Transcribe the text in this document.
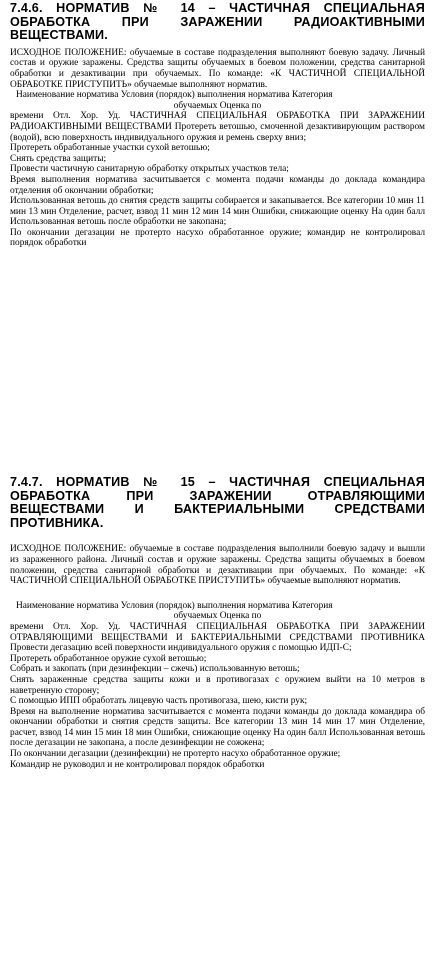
7.4.6. НОРМАТИВ № 14 – ЧАСТИЧНАЯ СПЕЦИАЛЬНАЯ
ОБРАБОТКА ПРИ ЗАРАЖЕНИИ РАДИОАКТИВНЫМИ
ВЕЩЕСТВАМИ.

ИСХОДНОЕ ПОЛОЖЕНИЕ: обучаемые в составе подразделения выполняют боевую задачу. Личный состав и оружие заражены. Средства защиты обучаемых в боевом положении, средства санитарной обработки и дезактивации при обучаемых. По команде: «К ЧАСТИЧНОЙ СПЕЦИАЛЬНОЙ ОБРАБОТКЕ ПРИСТУПИТЬ» обучаемые выполняют норматив.

Наименование норматива Условия (порядок) выполнения норматива Категория

обучаемых Оценка по

времени Отл. Хор. Уд. ЧАСТИЧНАЯ СПЕЦИАЛЬНАЯ ОБРАБОТКА ПРИ ЗАРАЖЕНИИ РАДИОАКТИВНЫМИ ВЕЩЕСТВАМИ Протереть ветошью, смоченной дезактивирующим раствором (водой), всю поверхность индивидуального оружия и ремень сверху вниз;

Протереть обработанные участки сухой ветошью;

Снять средства защиты;

Провести частичную санитарную обработку открытых участков тела;

Время выполнения норматива засчитывается с момента подачи команды до доклада командира отделения об окончании обработки;

Использованная ветошь до снятия средств защиты собирается и закапывается. Все категории 10 мин 11 мин 13 мин Отделение, расчет, взвод 11 мин 12 мин 14 мин Ошибки, снижающие оценку На один балл Использованная ветошь после обработки не закопана;

По окончании дегазации не протерто насухо обработанное оружие; командир не контролировал порядок обработки

7.4.7. НОРМАТИВ № 15 – ЧАСТИЧНАЯ СПЕЦИАЛЬНАЯ
ОБРАБОТКА ПРИ ЗАРАЖЕНИИ ОТРАВЛЯЮЩИМИ
ВЕЩЕСТВАМИ И БАКТЕРИАЛЬНЫМИ СРЕДСТВАМИ
ПРОТИВНИКА.

ИСХОДНОЕ ПОЛОЖЕНИЕ: обучаемые в составе подразделения выполнили боевую задачу и вышли из зараженного района. Личный состав и оружие заражены. Средства защиты обучаемых в боевом положении, средства санитарной обработки и дезактивации при обучаемых. По команде: «К ЧАСТИЧНОЙ СПЕЦИАЛЬНОЙ ОБРАБОТКЕ ПРИСТУПИТЬ» обучаемые выполняют норматив.

Наименование норматива Условия (порядок) выполнения норматива Категория

обучаемых Оценка по

времени Отл. Хор. Уд. ЧАСТИЧНАЯ СПЕЦИАЛЬНАЯ ОБРАБОТКА ПРИ ЗАРАЖЕНИИ ОТРАВЛЯЮЩИМИ ВЕЩЕСТВАМИ И БАКТЕРИАЛЬНЫМИ СРЕДСТВАМИ ПРОТИВНИКА Провести дегазацию всей поверхности индивидуального оружия с помощью ИДП-С;

Протереть обработанное оружие сухой ветошью;

Собрать и закопать (при дезинфекции – сжечь) использованную ветошь;

Снять зараженные средства защиты кожи и в противогазах с оружием выйти на 10 метров в наветренную сторону;

С помощью ИПП обработать лицевую часть противогаза, шею, кисти рук;

Время на выполнение норматива засчитывается с момента подачи команды до доклада командира об окончании обработки и снятия средств защиты. Все категории 13 мин 14 мин 17 мин Отделение, расчет, взвод 14 мин 15 мин 18 мин Ошибки, снижающие оценку На один балл Использованная ветошь после дегазации не закопана, а после дезинфекции не сожжена;

По окончании дегазации (дезинфекции) не протерто насухо обработанное оружие;

Командир не руководил и не контролировал порядок обработки
